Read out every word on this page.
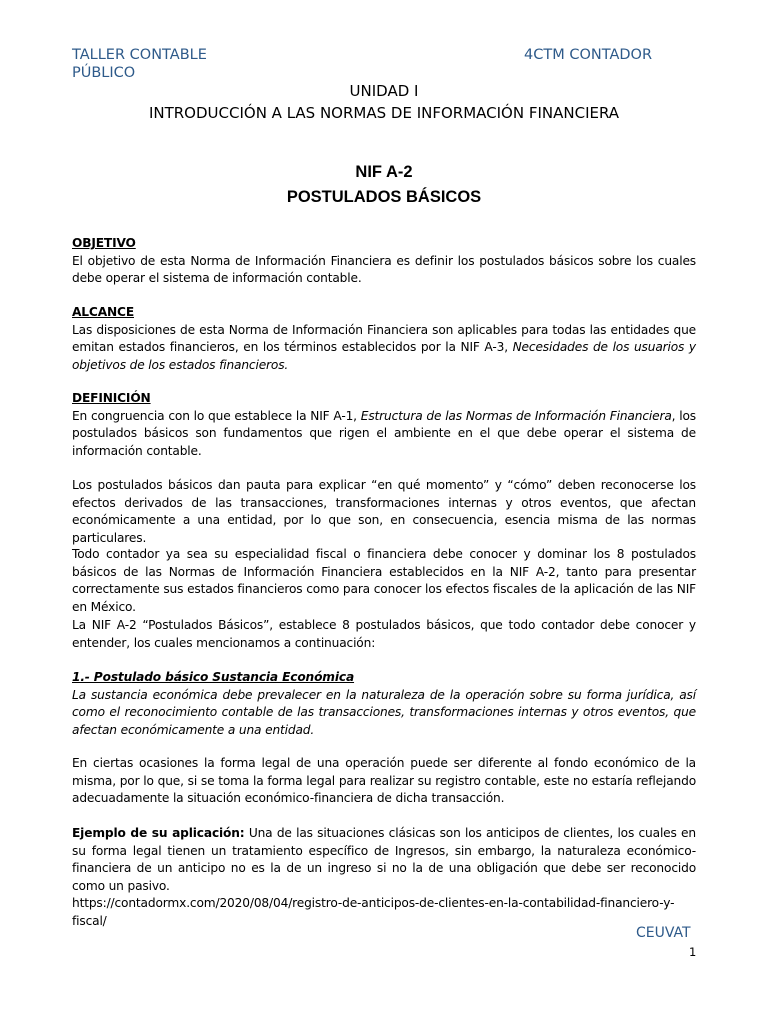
TALLER CONTABLE PÚBLICO
4CTM CONTADOR
UNIDAD I
INTRODUCCIÓN A LAS NORMAS DE INFORMACIÓN FINANCIERA
NIF A-2
POSTULADOS BÁSICOS
OBJETIVO
El objetivo de esta Norma de Información Financiera es definir los postulados básicos sobre los cuales debe operar el sistema de información contable.
ALCANCE
Las disposiciones de esta Norma de Información Financiera son aplicables para todas las entidades que emitan estados financieros, en los términos establecidos por la NIF A-3, Necesidades de los usuarios y objetivos de los estados financieros.
DEFINICIÓN
En congruencia con lo que establece la NIF A-1, Estructura de las Normas de Información Financiera, los postulados básicos son fundamentos que rigen el ambiente en el que debe operar el sistema de información contable.
Los postulados básicos dan pauta para explicar “en qué momento” y “cómo” deben reconocerse los efectos derivados de las transacciones, transformaciones internas y otros eventos, que afectan económicamente a una entidad, por lo que son, en consecuencia, esencia misma de las normas particulares.
Todo contador ya sea su especialidad fiscal o financiera debe conocer y dominar los 8 postulados básicos de las Normas de Información Financiera establecidos en la NIF A-2, tanto para presentar correctamente sus estados financieros como para conocer los efectos fiscales de la aplicación de las NIF en México.
La NIF A-2 “Postulados Básicos”, establece 8 postulados básicos, que todo contador debe conocer y entender, los cuales mencionamos a continuación:
1.- Postulado básico Sustancia Económica
La sustancia económica debe prevalecer en la naturaleza de la operación sobre su forma jurídica, así como el reconocimiento contable de las transacciones, transformaciones internas y otros eventos, que afectan económicamente a una entidad.
En ciertas ocasiones la forma legal de una operación puede ser diferente al fondo económico de la misma, por lo que, si se toma la forma legal para realizar su registro contable, este no estaría reflejando adecuadamente la situación económico-financiera de dicha transacción.
Ejemplo de su aplicación: Una de las situaciones clásicas son los anticipos de clientes, los cuales en su forma legal tienen un tratamiento específico de Ingresos, sin embargo, la naturaleza económico-financiera de un anticipo no es la de un ingreso si no la de una obligación que debe ser reconocido como un pasivo.
https://contadormx.com/2020/08/04/registro-de-anticipos-de-clientes-en-la-contabilidad-financiero-y-fiscal/
CEUVAT
1
